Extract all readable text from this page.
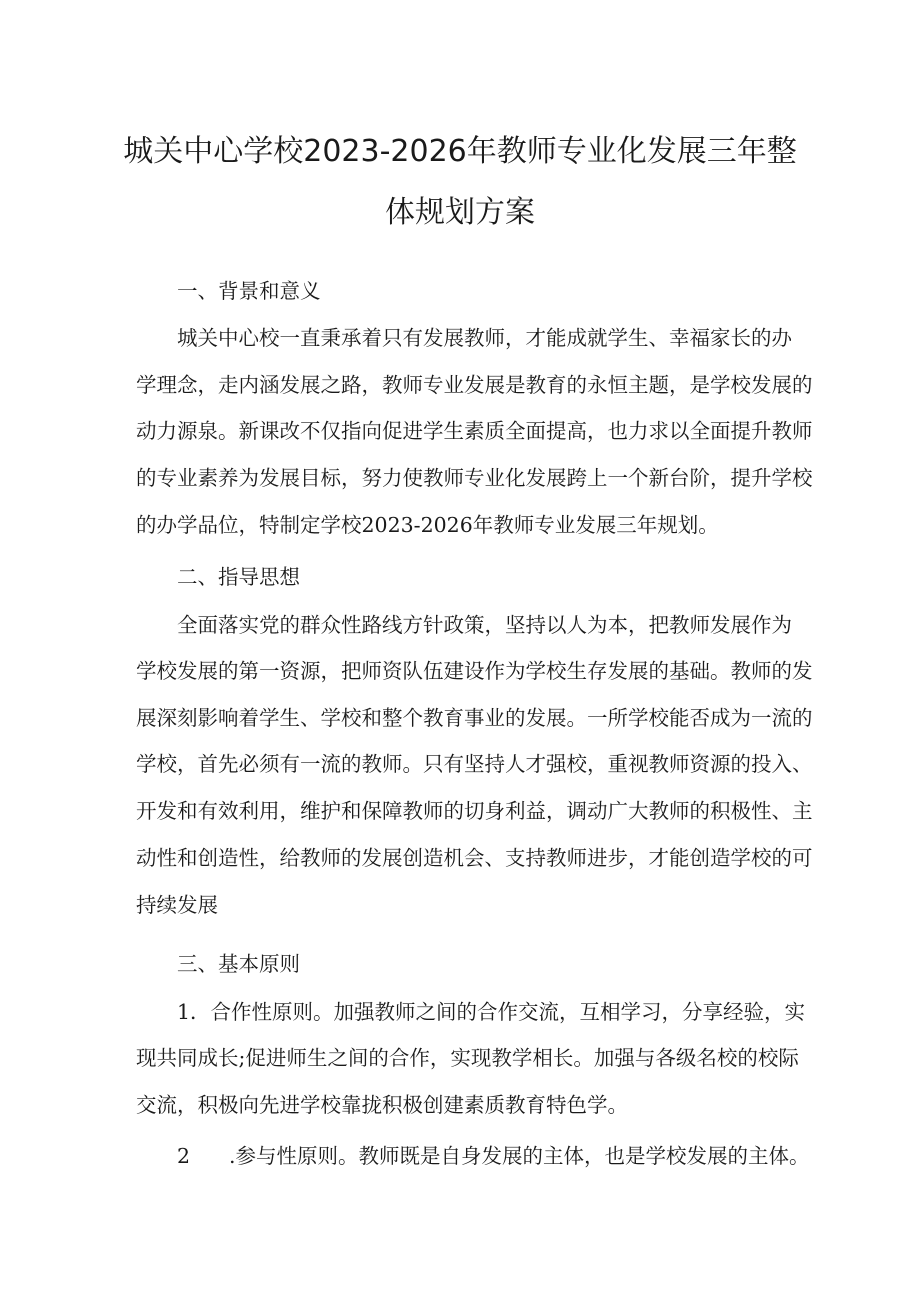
城关中心学校2023-2026年教师专业化发展三年整
体规划方案
一、背景和意义
城关中心校一直秉承着只有发展教师，才能成就学生、幸福家长的办
学理念，走内涵发展之路，教师专业发展是教育的永恒主题，是学校发展的
动力源泉。新课改不仅指向促进学生素质全面提高，也力求以全面提升教师
的专业素养为发展目标，努力使教师专业化发展跨上一个新台阶，提升学校
的办学品位，特制定学校2023-2026年教师专业发展三年规划。
二、指导思想
全面落实党的群众性路线方针政策，坚持以人为本，把教师发展作为
学校发展的第一资源，把师资队伍建设作为学校生存发展的基础。教师的发
展深刻影响着学生、学校和整个教育事业的发展。一所学校能否成为一流的
学校，首先必须有一流的教师。只有坚持人才强校，重视教师资源的投入、
开发和有效利用，维护和保障教师的切身利益，调动广大教师的积极性、主
动性和创造性，给教师的发展创造机会、支持教师进步，才能创造学校的可
持续发展
三、基本原则
1．合作性原则。加强教师之间的合作交流，互相学习，分享经验，实
现共同成长;促进师生之间的合作，实现教学相长。加强与各级名校的校际
交流，积极向先进学校靠拢积极创建素质教育特色学。
2 .参与性原则。教师既是自身发展的主体，也是学校发展的主体。
